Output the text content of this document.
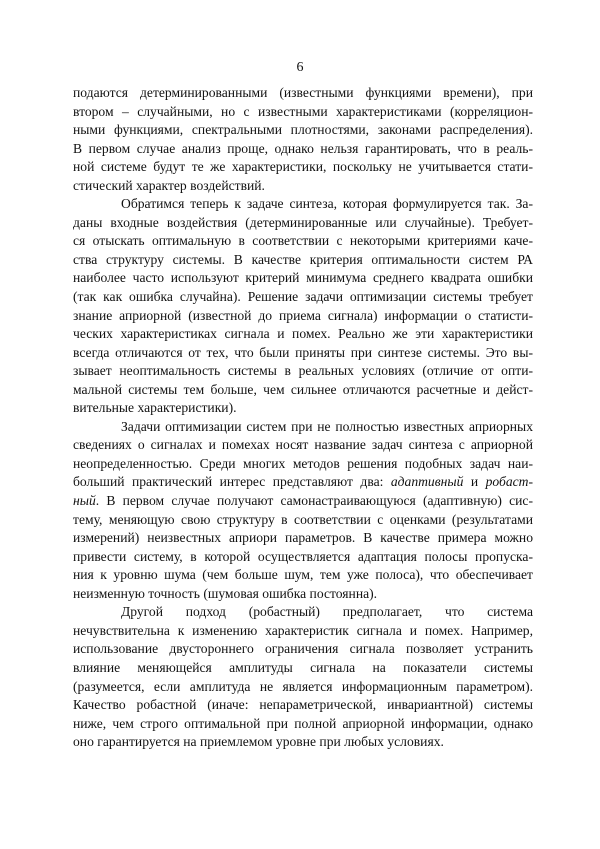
6
подаются детерминированными (известными функциями времени), при
втором – случайными, но с известными характеристиками (корреляцион-
ными функциями, спектральными плотностями, законами распределения).
В первом случае анализ проще, однако нельзя гарантировать, что в реаль-
ной системе будут те же характеристики, поскольку не учитывается стати-
стический характер воздействий.
Обратимся теперь к задаче синтеза, которая формулируется так. За-
даны входные воздействия (детерминированные или случайные). Требует-
ся отыскать оптимальную в соответствии с некоторыми критериями каче-
ства структуру системы. В качестве критерия оптимальности систем РА
наиболее часто используют критерий минимума среднего квадрата ошибки
(так как ошибка случайна). Решение задачи оптимизации системы требует
знание априорной (известной до приема сигнала) информации о статисти-
ческих характеристиках сигнала и помех. Реально же эти характеристики
всегда отличаются от тех, что были приняты при синтезе системы. Это вы-
зывает неоптимальность системы в реальных условиях (отличие от опти-
мальной системы тем больше, чем сильнее отличаются расчетные и дейст-
вительные характеристики).
Задачи оптимизации систем при не полностью известных априорных
сведениях о сигналах и помехах носят название задач синтеза с априорной
неопределенностью. Среди многих методов решения подобных задач наи-
больший практический интерес представляют два: адаптивный и робаст-
ный. В первом случае получают самонастраивающуюся (адаптивную) сис-
тему, меняющую свою структуру в соответствии с оценками (результатами
измерений) неизвестных априори параметров. В качестве примера можно
привести систему, в которой осуществляется адаптация полосы пропуска-
ния к уровню шума (чем больше шум, тем уже полоса), что обеспечивает
неизменную точность (шумовая ошибка постоянна).
Другой подход (робастный) предполагает, что система
нечувствительна к изменению характеристик сигнала и помех. Например,
использование двустороннего ограничения сигнала позволяет устранить
влияние меняющейся амплитуды сигнала на показатели системы
(разумеется, если амплитуда не является информационным параметром).
Качество робастной (иначе: непараметрической, инвариантной) системы
ниже, чем строго оптимальной при полной априорной информации, однако
оно гарантируется на приемлемом уровне при любых условиях.
